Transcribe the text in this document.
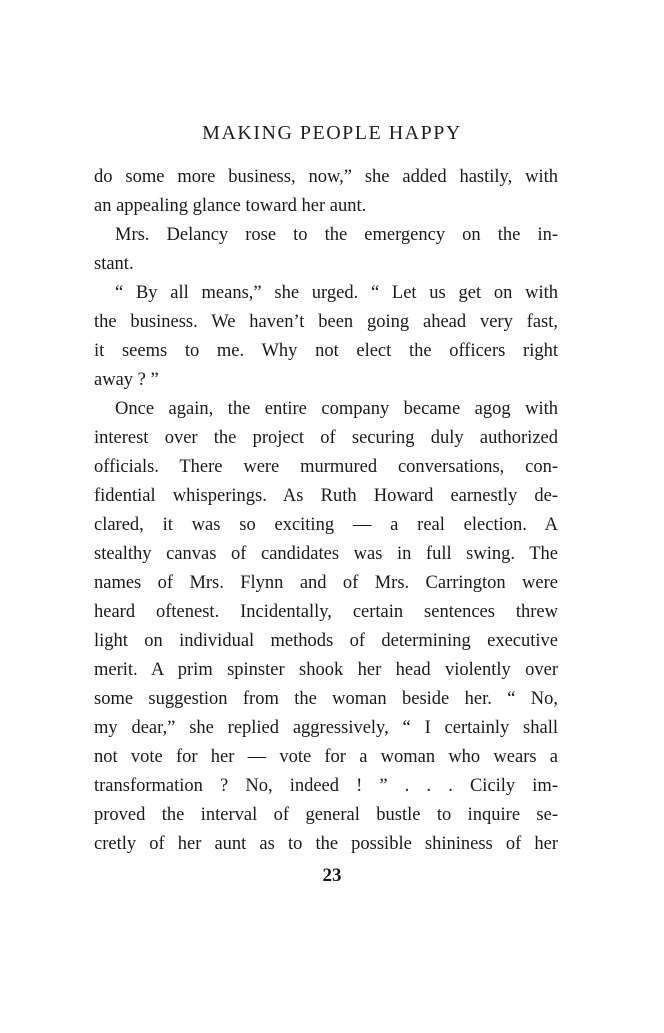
MAKING PEOPLE HAPPY
do some more business, now,” she added hastily, with
an appealing glance toward her aunt.
Mrs. Delancy rose to the emergency on the in-
stant.
“ By all means,” she urged. “ Let us get on with
the business. We haven’t been going ahead very fast,
it seems to me. Why not elect the officers right
away ? ”
Once again, the entire company became agog with
interest over the project of securing duly authorized
officials. There were murmured conversations, con-
fidential whisperings. As Ruth Howard earnestly de-
clared, it was so exciting — a real election. A
stealthy canvas of candidates was in full swing. The
names of Mrs. Flynn and of Mrs. Carrington were
heard oftenest. Incidentally, certain sentences threw
light on individual methods of determining executive
merit. A prim spinster shook her head violently over
some suggestion from the woman beside her. “ No,
my dear,” she replied aggressively, “ I certainly shall
not vote for her — vote for a woman who wears a
transformation ? No, indeed ! ” . . . Cicily im-
proved the interval of general bustle to inquire se-
cretly of her aunt as to the possible shininess of her
23
